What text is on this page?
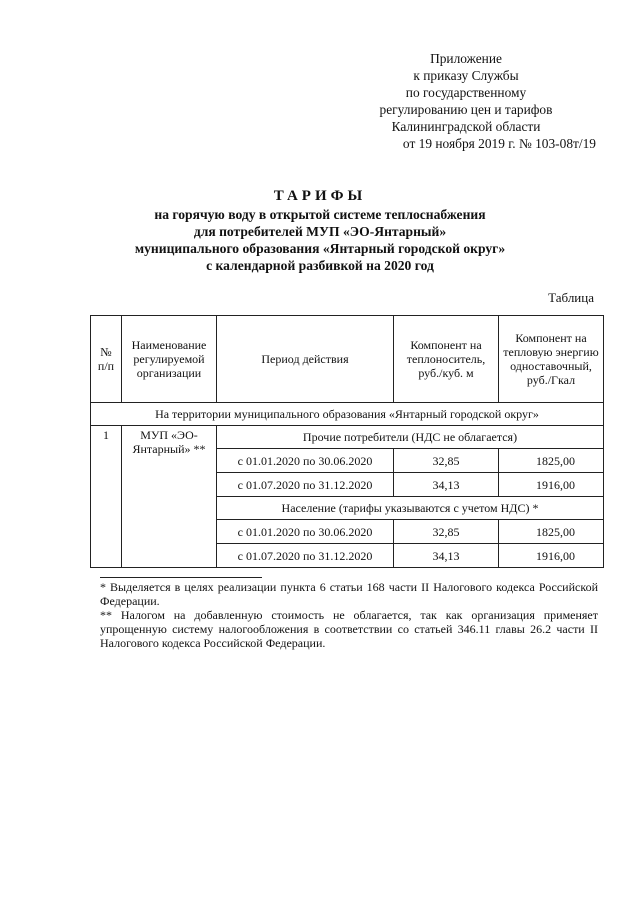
Приложение
к приказу Службы
по государственному
регулированию цен и тарифов
Калининградской области
от 19 ноября 2019 г. № 103-08т/19
ТАРИФЫ
на горячую воду в открытой системе теплоснабжения
для потребителей МУП «ЭО-Янтарный»
муниципального образования «Янтарный городской округ»
с календарной разбивкой на 2020 год
Таблица
№ п/п	Наименование регулируемой организации	Период действия	Компонент на теплоноситель, руб./куб. м	Компонент на тепловую энергию одноставочный, руб./Гкал
На территории муниципального образования «Янтарный городской округ»				
1	МУП «ЭО-Янтарный» **	Прочие потребители (НДС не облагается)		
		с 01.01.2020 по 30.06.2020	32,85	1825,00
		с 01.07.2020 по 31.12.2020	34,13	1916,00
		Население (тарифы указываются с учетом НДС) *		
		с 01.01.2020 по 30.06.2020	32,85	1825,00
		с 01.07.2020 по 31.12.2020	34,13	1916,00

* Выделяется в целях реализации пункта 6 статьи 168 части II Налогового кодекса Российской Федерации.

** Налогом на добавленную стоимость не облагается, так как организация применяет упрощенную систему налогообложения в соответствии со статьей 346.11 главы 26.2 части II Налогового кодекса Российской Федерации.
